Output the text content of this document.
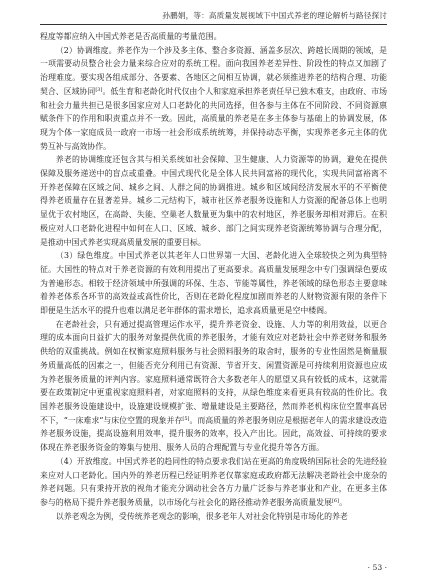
孙鹏娟，等：高质量发展视域下中国式养老的理论解析与路径探讨

程度等都应纳入中国式养老是否高质量的考量范围。

（2）协调维度。养老作为一个涉及多主体、整合多资源、涵盖多层次、跨越长周期的领域，是一项需要动员整合社会力量来综合应对的系统工程。面向我国养老差异性、阶段性的特点又加剧了治理难度。要实现各组成部分、各要素、各地区之间相互协调，就必须推进养老的结构合理、功能契合、区域协同[3]。低生育和老龄化时代仅由个人和家庭承担养老责任早已独木难支，由政府、市场和社会力量共担已是很多国家应对人口老龄化的共同选择，但各参与主体在不同阶段、不同资源禀赋条件下的作用和职责重点并不一致。因此，高质量的养老是在多主体参与基础上的协调发展，体现为个体一家庭成员一政府一市场一社会形成系统统筹，并保持动态平衡，实现养老多元主体的优势互补与高效协作。

养老的协调维度还包含其与相关系统如社会保障、卫生健康、人力资源等的协调，避免在提供保障及服务递送中的盲点或重叠。中国式现代化是全体人民共同富裕的现代化，实现共同富裕离不开养老保障在区域之间、城乡之间、人群之间的协调推进。城乡和区域间经济发展水平的不平衡使得养老质量存在显著差异。城乡二元结构下，城市社区养老服务设施和人力资源的配备总体上也明显优于农村地区，在高龄、失能、空巢老人数量更为集中的农村地区，养老服务却相对滞后。在积极应对人口老龄化进程中如何在人口、区域、城乡、部门之间实现养老资源统筹协调与合理分配，是推动中国式养老实现高质量发展的重要目标。

（3）绿色维度。中国式养老以其老年人口世界第一大国、老龄化进入全球较快之列为典型特征。大国性的特点对于养老资源的有效利用提出了更高要求。高质量发展理念中专门强调绿色要成为普遍形态。相较于经济领域中所强调的环保、生态、节能等属性，养老领域的绿色形态主要意味着养老体系各环节的高效益或高性价比，否则在老龄化程度加剧而养老的人财物资源有限的条件下即便是生活水平的提升也难以满足老年群体的需求增长，追求高质量更是空中楼阁。

在老龄社会，只有通过提高管理运作水平，提升养老资金、设施、人力等的利用效益，以更合理的成本面向日益扩大的服务对象提供优质的养老服务，才能有效应对老龄社会中养老财务和服务供给的双重挑战。例如在权衡家庭照料服务与社会照料服务的取舍时，服务的专业性固然是衡量服务质量高低的因素之一，但能否充分利用已有资源、节省开支、闲置资源是可持续利用资源也应成为养老服务质量的评判内容。家庭照料通常既符合大多数老年人的愿望又具有较低的成本，这就需要在政策制定中更重视家庭照料者，对家庭照料的支持，从绿色维度来看更具有较高的性价比。我国养老服务设施建设中，设施建设规模扩张、增量建设是主要路径，然而养老机构床位空置率高居不下，“一床难求”与床位空置的现象并存[5]。而高质量的养老服务则应是根据老年人的需求建设改造养老服务设施，提高设施利用效率，提升服务的效率，投入产出比。因此，高效益、可持续的要求体现在养老服务资金的筹集与使用、服务人员的合理配置与专业化提升等各方面。

（4）开放维度。中国式养老的趋同性的特点要求我们站在更高的角度吸纳国际社会的先进经验来应对人口老龄化。国内外的养老历程已经证明养老仅靠家庭或政府都无法解决老龄社会中庞杂的养老问题。只有秉持开放的视角才能充分调动社会各方力量广泛参与养老事业和产业，在更多主体参与的格局下提升养老服务质量，以市场化与社会化的路径推动养老服务高质量发展[6]。

以养老观念为例，受传统养老观念的影响，很多老年人对社会化特别是市场化的养老

· 53 ·
